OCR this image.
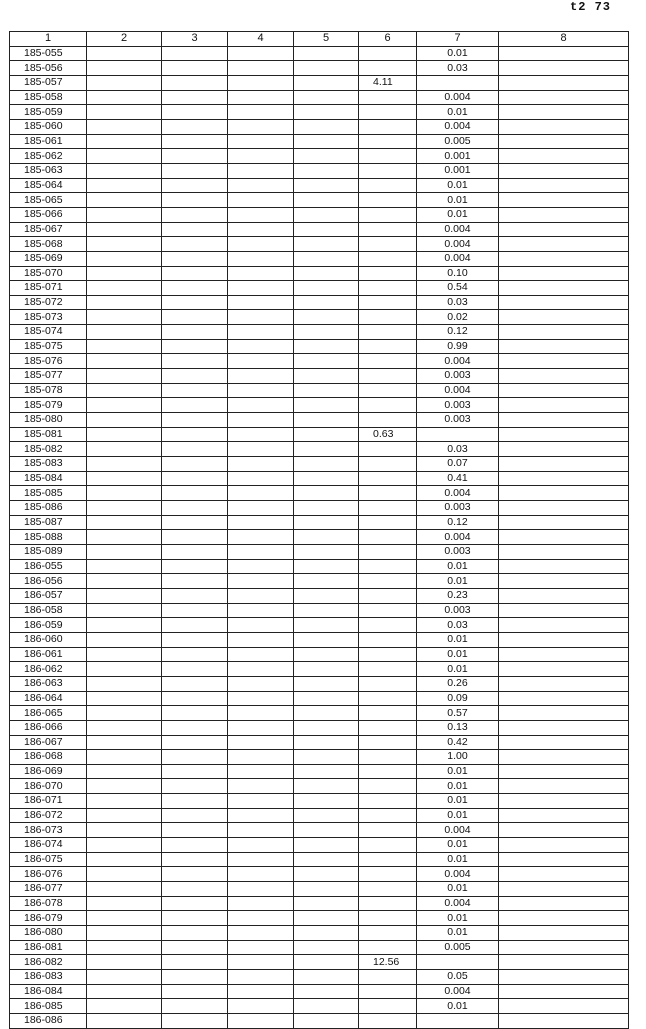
t2 73
1	2	3	4	5	6	7	8
185-055						0.01	
185-056						0.03	
185-057					4.11		
185-058						0.004	
185-059						0.01	
185-060						0.004	
185-061						0.005	
185-062						0.001	
185-063						0.001	
185-064						0.01	
185-065						0.01	
185-066						0.01	
185-067						0.004	
185-068						0.004	
185-069						0.004	
185-070						0.10	
185-071						0.54	
185-072						0.03	
185-073						0.02	
185-074						0.12	
185-075						0.99	
185-076						0.004	
185-077						0.003	
185-078						0.004	
185-079						0.003	
185-080						0.003	
185-081					0.63		
185-082						0.03	
185-083						0.07	
185-084						0.41	
185-085						0.004	
185-086						0.003	
185-087						0.12	
185-088						0.004	
185-089						0.003	
186-055						0.01	
186-056						0.01	
186-057						0.23	
186-058						0.003	
186-059						0.03	
186-060						0.01	
186-061						0.01	
186-062						0.01	
186-063						0.26	
186-064						0.09	
186-065						0.57	
186-066						0.13	
186-067						0.42	
186-068						1.00	
186-069						0.01	
186-070						0.01	
186-071						0.01	
186-072						0.01	
186-073						0.004	
186-074						0.01	
186-075						0.01	
186-076						0.004	
186-077						0.01	
186-078						0.004	
186-079						0.01	
186-080						0.01	
186-081						0.005	
186-082					12.56		
186-083						0.05	
186-084						0.004	
186-085						0.01	
186-086							
